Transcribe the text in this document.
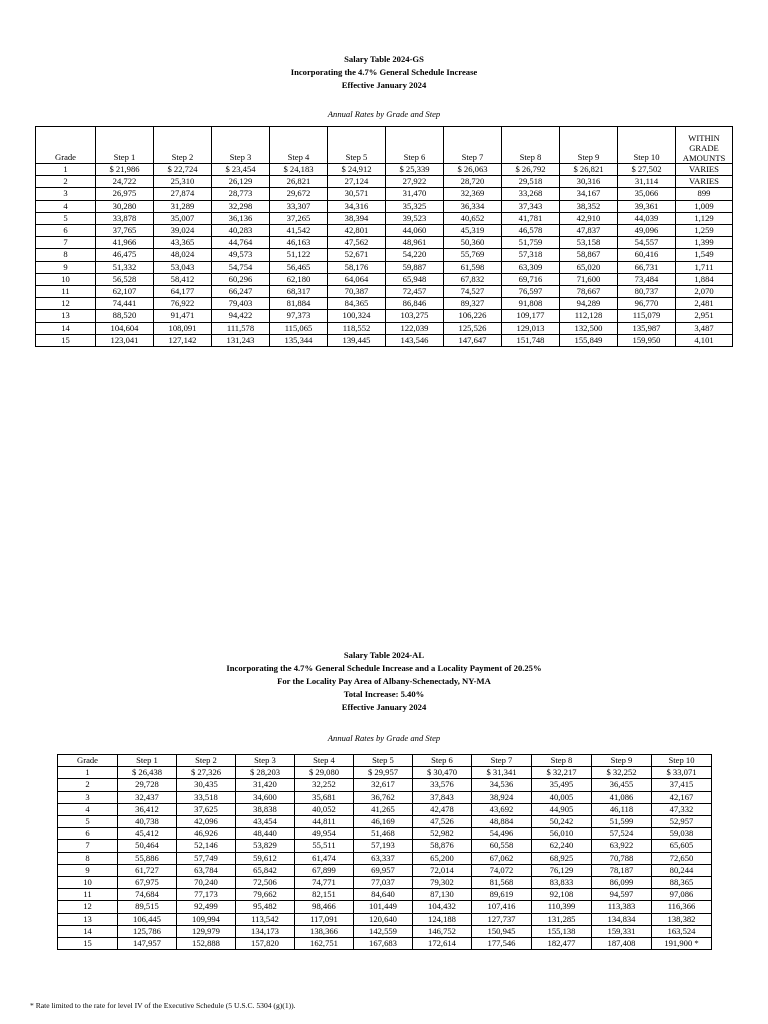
Salary Table 2024-GS
Incorporating the 4.7% General Schedule Increase
Effective January 2024
Annual Rates by Grade and Step
Grade	Step 1	Step 2	Step 3	Step 4	Step 5	Step 6	Step 7	Step 8	Step 9	Step 10	WITHIN GRADE AMOUNTS
1	$ 21,986	$ 22,724	$ 23,454	$ 24,183	$ 24,912	$ 25,339	$ 26,063	$ 26,792	$ 26,821	$ 27,502	VARIES
2	24,722	25,310	26,129	26,821	27,124	27,922	28,720	29,518	30,316	31,114	VARIES
3	26,975	27,874	28,773	29,672	30,571	31,470	32,369	33,268	34,167	35,066	899
4	30,280	31,289	32,298	33,307	34,316	35,325	36,334	37,343	38,352	39,361	1,009
5	33,878	35,007	36,136	37,265	38,394	39,523	40,652	41,781	42,910	44,039	1,129
6	37,765	39,024	40,283	41,542	42,801	44,060	45,319	46,578	47,837	49,096	1,259
7	41,966	43,365	44,764	46,163	47,562	48,961	50,360	51,759	53,158	54,557	1,399
8	46,475	48,024	49,573	51,122	52,671	54,220	55,769	57,318	58,867	60,416	1,549
9	51,332	53,043	54,754	56,465	58,176	59,887	61,598	63,309	65,020	66,731	1,711
10	56,528	58,412	60,296	62,180	64,064	65,948	67,832	69,716	71,600	73,484	1,884
11	62,107	64,177	66,247	68,317	70,387	72,457	74,527	76,597	78,667	80,737	2,070
12	74,441	76,922	79,403	81,884	84,365	86,846	89,327	91,808	94,289	96,770	2,481
13	88,520	91,471	94,422	97,373	100,324	103,275	106,226	109,177	112,128	115,079	2,951
14	104,604	108,091	111,578	115,065	118,552	122,039	125,526	129,013	132,500	135,987	3,487
15	123,041	127,142	131,243	135,344	139,445	143,546	147,647	151,748	155,849	159,950	4,101
Salary Table 2024-AL
Incorporating the 4.7% General Schedule Increase and a Locality Payment of 20.25%
For the Locality Pay Area of Albany-Schenectady, NY-MA
Total Increase: 5.40%
Effective January 2024
Annual Rates by Grade and Step
Grade	Step 1	Step 2	Step 3	Step 4	Step 5	Step 6	Step 7	Step 8	Step 9	Step 10
1	$ 26,438	$ 27,326	$ 28,203	$ 29,080	$ 29,957	$ 30,470	$ 31,341	$ 32,217	$ 32,252	$ 33,071
2	29,728	30,435	31,420	32,252	32,617	33,576	34,536	35,495	36,455	37,415
3	32,437	33,518	34,600	35,681	36,762	37,843	38,924	40,005	41,086	42,167
4	36,412	37,625	38,838	40,052	41,265	42,478	43,692	44,905	46,118	47,332
5	40,738	42,096	43,454	44,811	46,169	47,526	48,884	50,242	51,599	52,957
6	45,412	46,926	48,440	49,954	51,468	52,982	54,496	56,010	57,524	59,038
7	50,464	52,146	53,829	55,511	57,193	58,876	60,558	62,240	63,922	65,605
8	55,886	57,749	59,612	61,474	63,337	65,200	67,062	68,925	70,788	72,650
9	61,727	63,784	65,842	67,899	69,957	72,014	74,072	76,129	78,187	80,244
10	67,975	70,240	72,506	74,771	77,037	79,302	81,568	83,833	86,099	88,365
11	74,684	77,173	79,662	82,151	84,640	87,130	89,619	92,108	94,597	97,086
12	89,515	92,499	95,482	98,466	101,449	104,432	107,416	110,399	113,383	116,366
13	106,445	109,994	113,542	117,091	120,640	124,188	127,737	131,285	134,834	138,382
14	125,786	129,979	134,173	138,366	142,559	146,752	150,945	155,138	159,331	163,524
15	147,957	152,888	157,820	162,751	167,683	172,614	177,546	182,477	187,408	191,900 *
* Rate limited to the rate for level IV of the Executive Schedule (5 U.S.C. 5304 (g)(1)).
